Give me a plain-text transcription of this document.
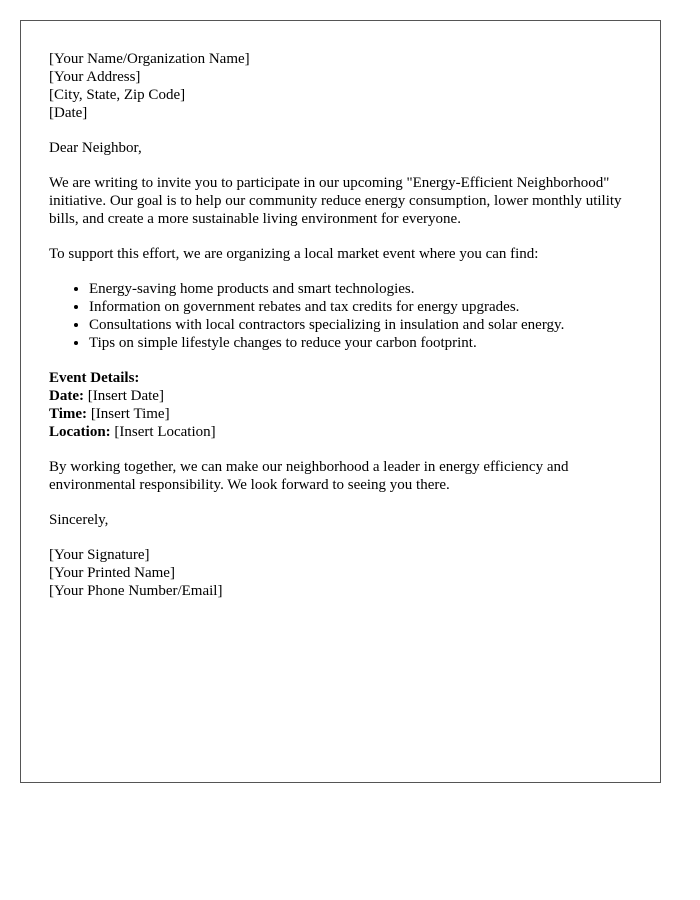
[Your Name/Organization Name]
[Your Address]
[City, State, Zip Code]
[Date]

Dear Neighbor,

We are writing to invite you to participate in our upcoming "Energy-Efficient Neighborhood" initiative. Our goal is to help our community reduce energy consumption, lower monthly utility bills, and create a more sustainable living environment for everyone.

To support this effort, we are organizing a local market event where you can find:

• Energy-saving home products and smart technologies.
• Information on government rebates and tax credits for energy upgrades.
• Consultations with local contractors specializing in insulation and solar energy.
• Tips on simple lifestyle changes to reduce your carbon footprint.

Event Details:
Date: [Insert Date]
Time: [Insert Time]
Location: [Insert Location]

By working together, we can make our neighborhood a leader in energy efficiency and environmental responsibility. We look forward to seeing you there.

Sincerely,

[Your Signature]
[Your Printed Name]
[Your Phone Number/Email]
